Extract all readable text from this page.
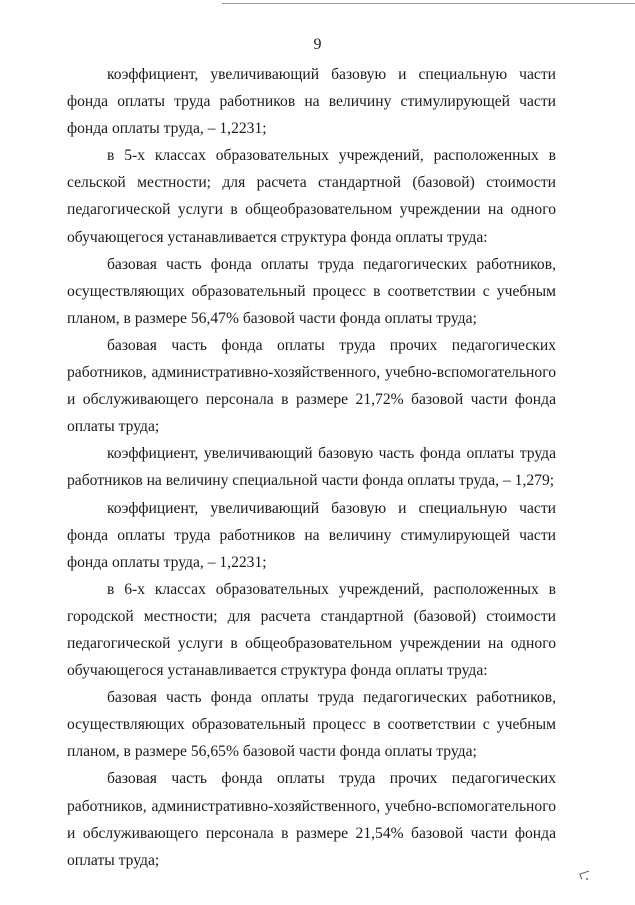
9

коэффициент, увеличивающий базовую и специальную части фонда оплаты труда работников на величину стимулирующей части фонда оплаты труда, – 1,2231;

в 5-х классах образовательных учреждений, расположенных в сельской местности; для расчета стандартной (базовой) стоимости педагогической услуги в общеобразовательном учреждении на одного обучающегося устанавливается структура фонда оплаты труда:

базовая часть фонда оплаты труда педагогических работников, осуществляющих образовательный процесс в соответствии с учебным планом, в размере 56,47% базовой части фонда оплаты труда;

базовая часть фонда оплаты труда прочих педагогических работников, административно-хозяйственного, учебно-вспомогательного и обслуживающего персонала в размере 21,72% базовой части фонда оплаты труда;

коэффициент, увеличивающий базовую часть фонда оплаты труда работников на величину специальной части фонда оплаты труда, – 1,279;

коэффициент, увеличивающий базовую и специальную части фонда оплаты труда работников на величину стимулирующей части фонда оплаты труда, – 1,2231;

в 6-х классах образовательных учреждений, расположенных в городской местности; для расчета стандартной (базовой) стоимости педагогической услуги в общеобразовательном учреждении на одного обучающегося устанавливается структура фонда оплаты труда:

базовая часть фонда оплаты труда педагогических работников, осуществляющих образовательный процесс в соответствии с учебным планом, в размере 56,65% базовой части фонда оплаты труда;

базовая часть фонда оплаты труда прочих педагогических работников, административно-хозяйственного, учебно-вспомогательного и обслуживающего персонала в размере 21,54% базовой части фонда оплаты труда;
